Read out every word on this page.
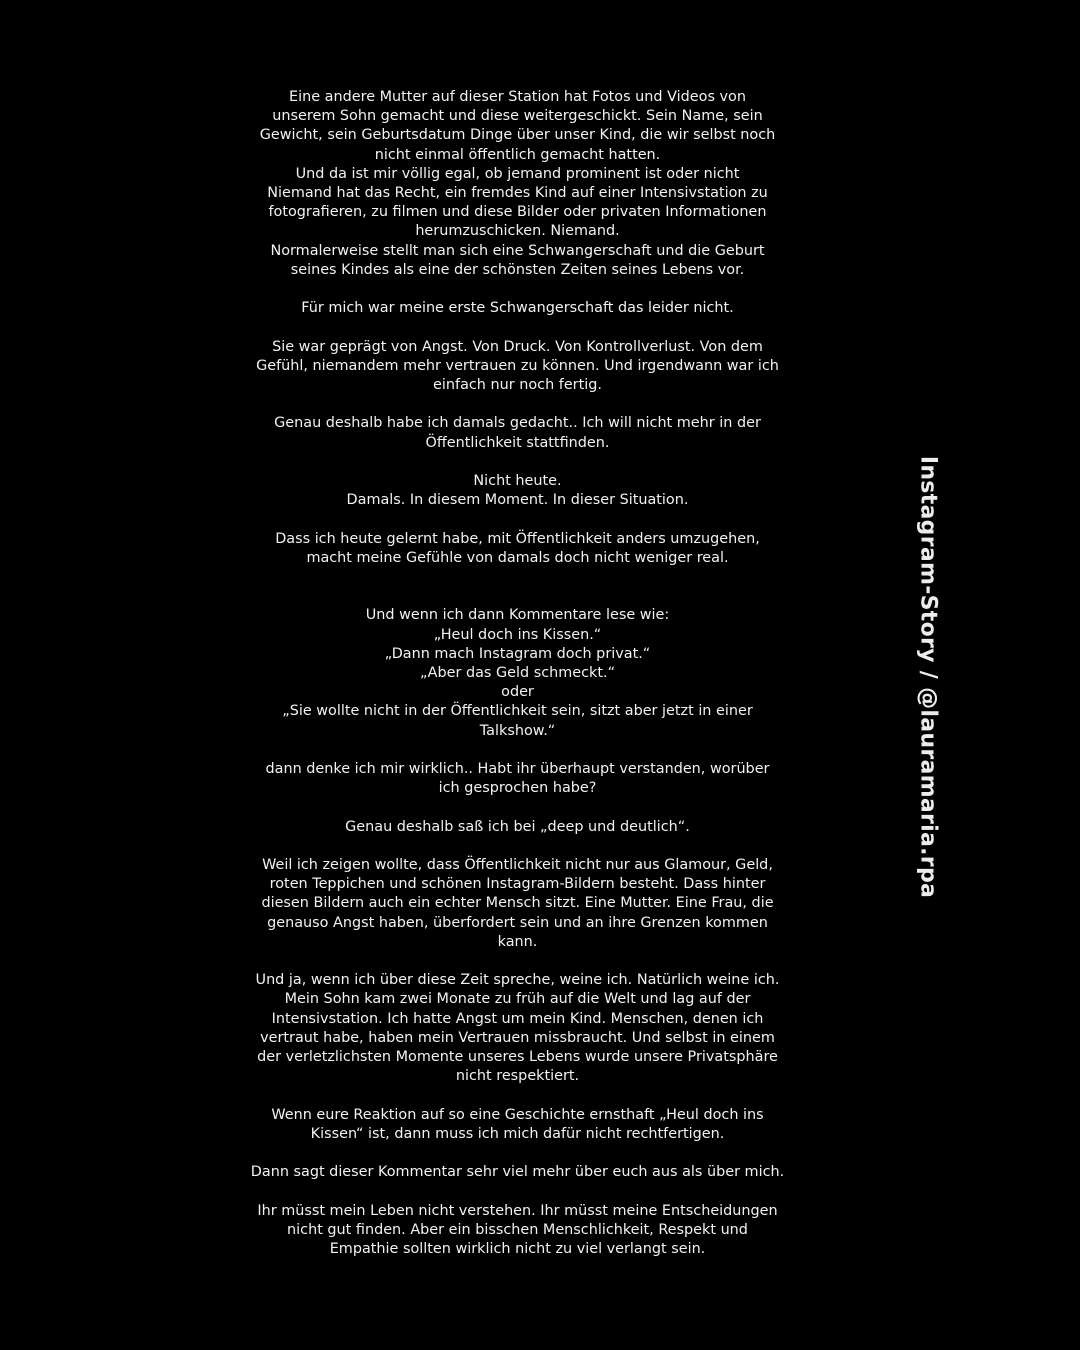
Eine andere Mutter auf dieser Station hat Fotos und Videos von
unserem Sohn gemacht und diese weitergeschickt. Sein Name, sein
Gewicht, sein Geburtsdatum Dinge über unser Kind, die wir selbst noch
nicht einmal öffentlich gemacht hatten.
Und da ist mir völlig egal, ob jemand prominent ist oder nicht
Niemand hat das Recht, ein fremdes Kind auf einer Intensivstation zu
fotografieren, zu filmen und diese Bilder oder privaten Informationen
herumzuschicken. Niemand.
Normalerweise stellt man sich eine Schwangerschaft und die Geburt
seines Kindes als eine der schönsten Zeiten seines Lebens vor.

Für mich war meine erste Schwangerschaft das leider nicht.

Sie war geprägt von Angst. Von Druck. Von Kontrollverlust. Von dem
Gefühl, niemandem mehr vertrauen zu können. Und irgendwann war ich
einfach nur noch fertig.

Genau deshalb habe ich damals gedacht.. Ich will nicht mehr in der
Öffentlichkeit stattfinden.

Nicht heute.
Damals. In diesem Moment. In dieser Situation.

Dass ich heute gelernt habe, mit Öffentlichkeit anders umzugehen,
macht meine Gefühle von damals doch nicht weniger real.

Und wenn ich dann Kommentare lese wie:
„Heul doch ins Kissen.“
„Dann mach Instagram doch privat.“
„Aber das Geld schmeckt.“
oder
„Sie wollte nicht in der Öffentlichkeit sein, sitzt aber jetzt in einer
Talkshow.“

dann denke ich mir wirklich.. Habt ihr überhaupt verstanden, worüber
ich gesprochen habe?

Genau deshalb saß ich bei „deep und deutlich“.

Weil ich zeigen wollte, dass Öffentlichkeit nicht nur aus Glamour, Geld,
roten Teppichen und schönen Instagram-Bildern besteht. Dass hinter
diesen Bildern auch ein echter Mensch sitzt. Eine Mutter. Eine Frau, die
genauso Angst haben, überfordert sein und an ihre Grenzen kommen
kann.

Und ja, wenn ich über diese Zeit spreche, weine ich. Natürlich weine ich.
Mein Sohn kam zwei Monate zu früh auf die Welt und lag auf der
Intensivstation. Ich hatte Angst um mein Kind. Menschen, denen ich
vertraut habe, haben mein Vertrauen missbraucht. Und selbst in einem
der verletzlichsten Momente unseres Lebens wurde unsere Privatsphäre
nicht respektiert.

Wenn eure Reaktion auf so eine Geschichte ernsthaft „Heul doch ins
Kissen“ ist, dann muss ich mich dafür nicht rechtfertigen.

Dann sagt dieser Kommentar sehr viel mehr über euch aus als über mich.

Ihr müsst mein Leben nicht verstehen. Ihr müsst meine Entscheidungen
nicht gut finden. Aber ein bisschen Menschlichkeit, Respekt und
Empathie sollten wirklich nicht zu viel verlangt sein.

Instagram-Story / @lauramaria.rpa
